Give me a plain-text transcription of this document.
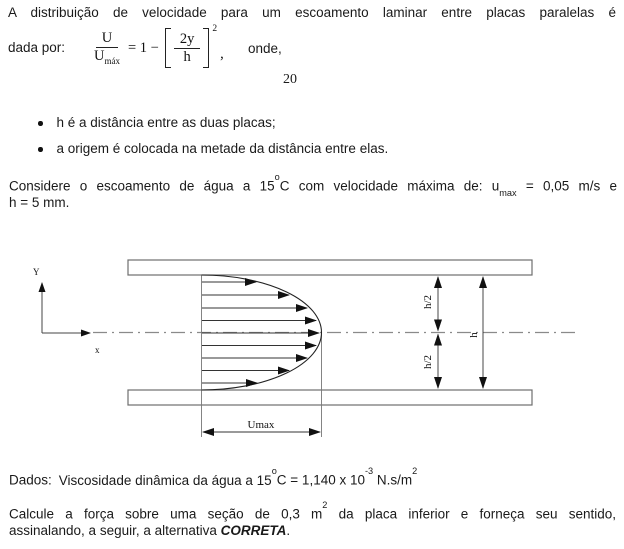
A distribuição de velocidade para um escoamento laminar entre placas paralelas é
dada por: $\frac{U}{U_{máx}} = 1 - \frac{2y}{h}$
2
, onde,
20
h é a distância entre as duas placas;
a origem é colocada na metade da distância entre elas.
Considere o escoamento de água a 15$^o$C com velocidade máxima de: $u_{max} = 0,05$ m/s e
h = 5 mm.
Y
x
h/2
h/2
h
Umax
Dados: Viscosidade dinâmica da água a $15^oC = 1,140$ x $10^{-3}$ $N.s/m^2$
Calcule a força sobre uma seção de 0,3 $m^2$ da placa inferior e forneça seu sentido,
assinalando, a seguir, a alternativa CORRETA.
